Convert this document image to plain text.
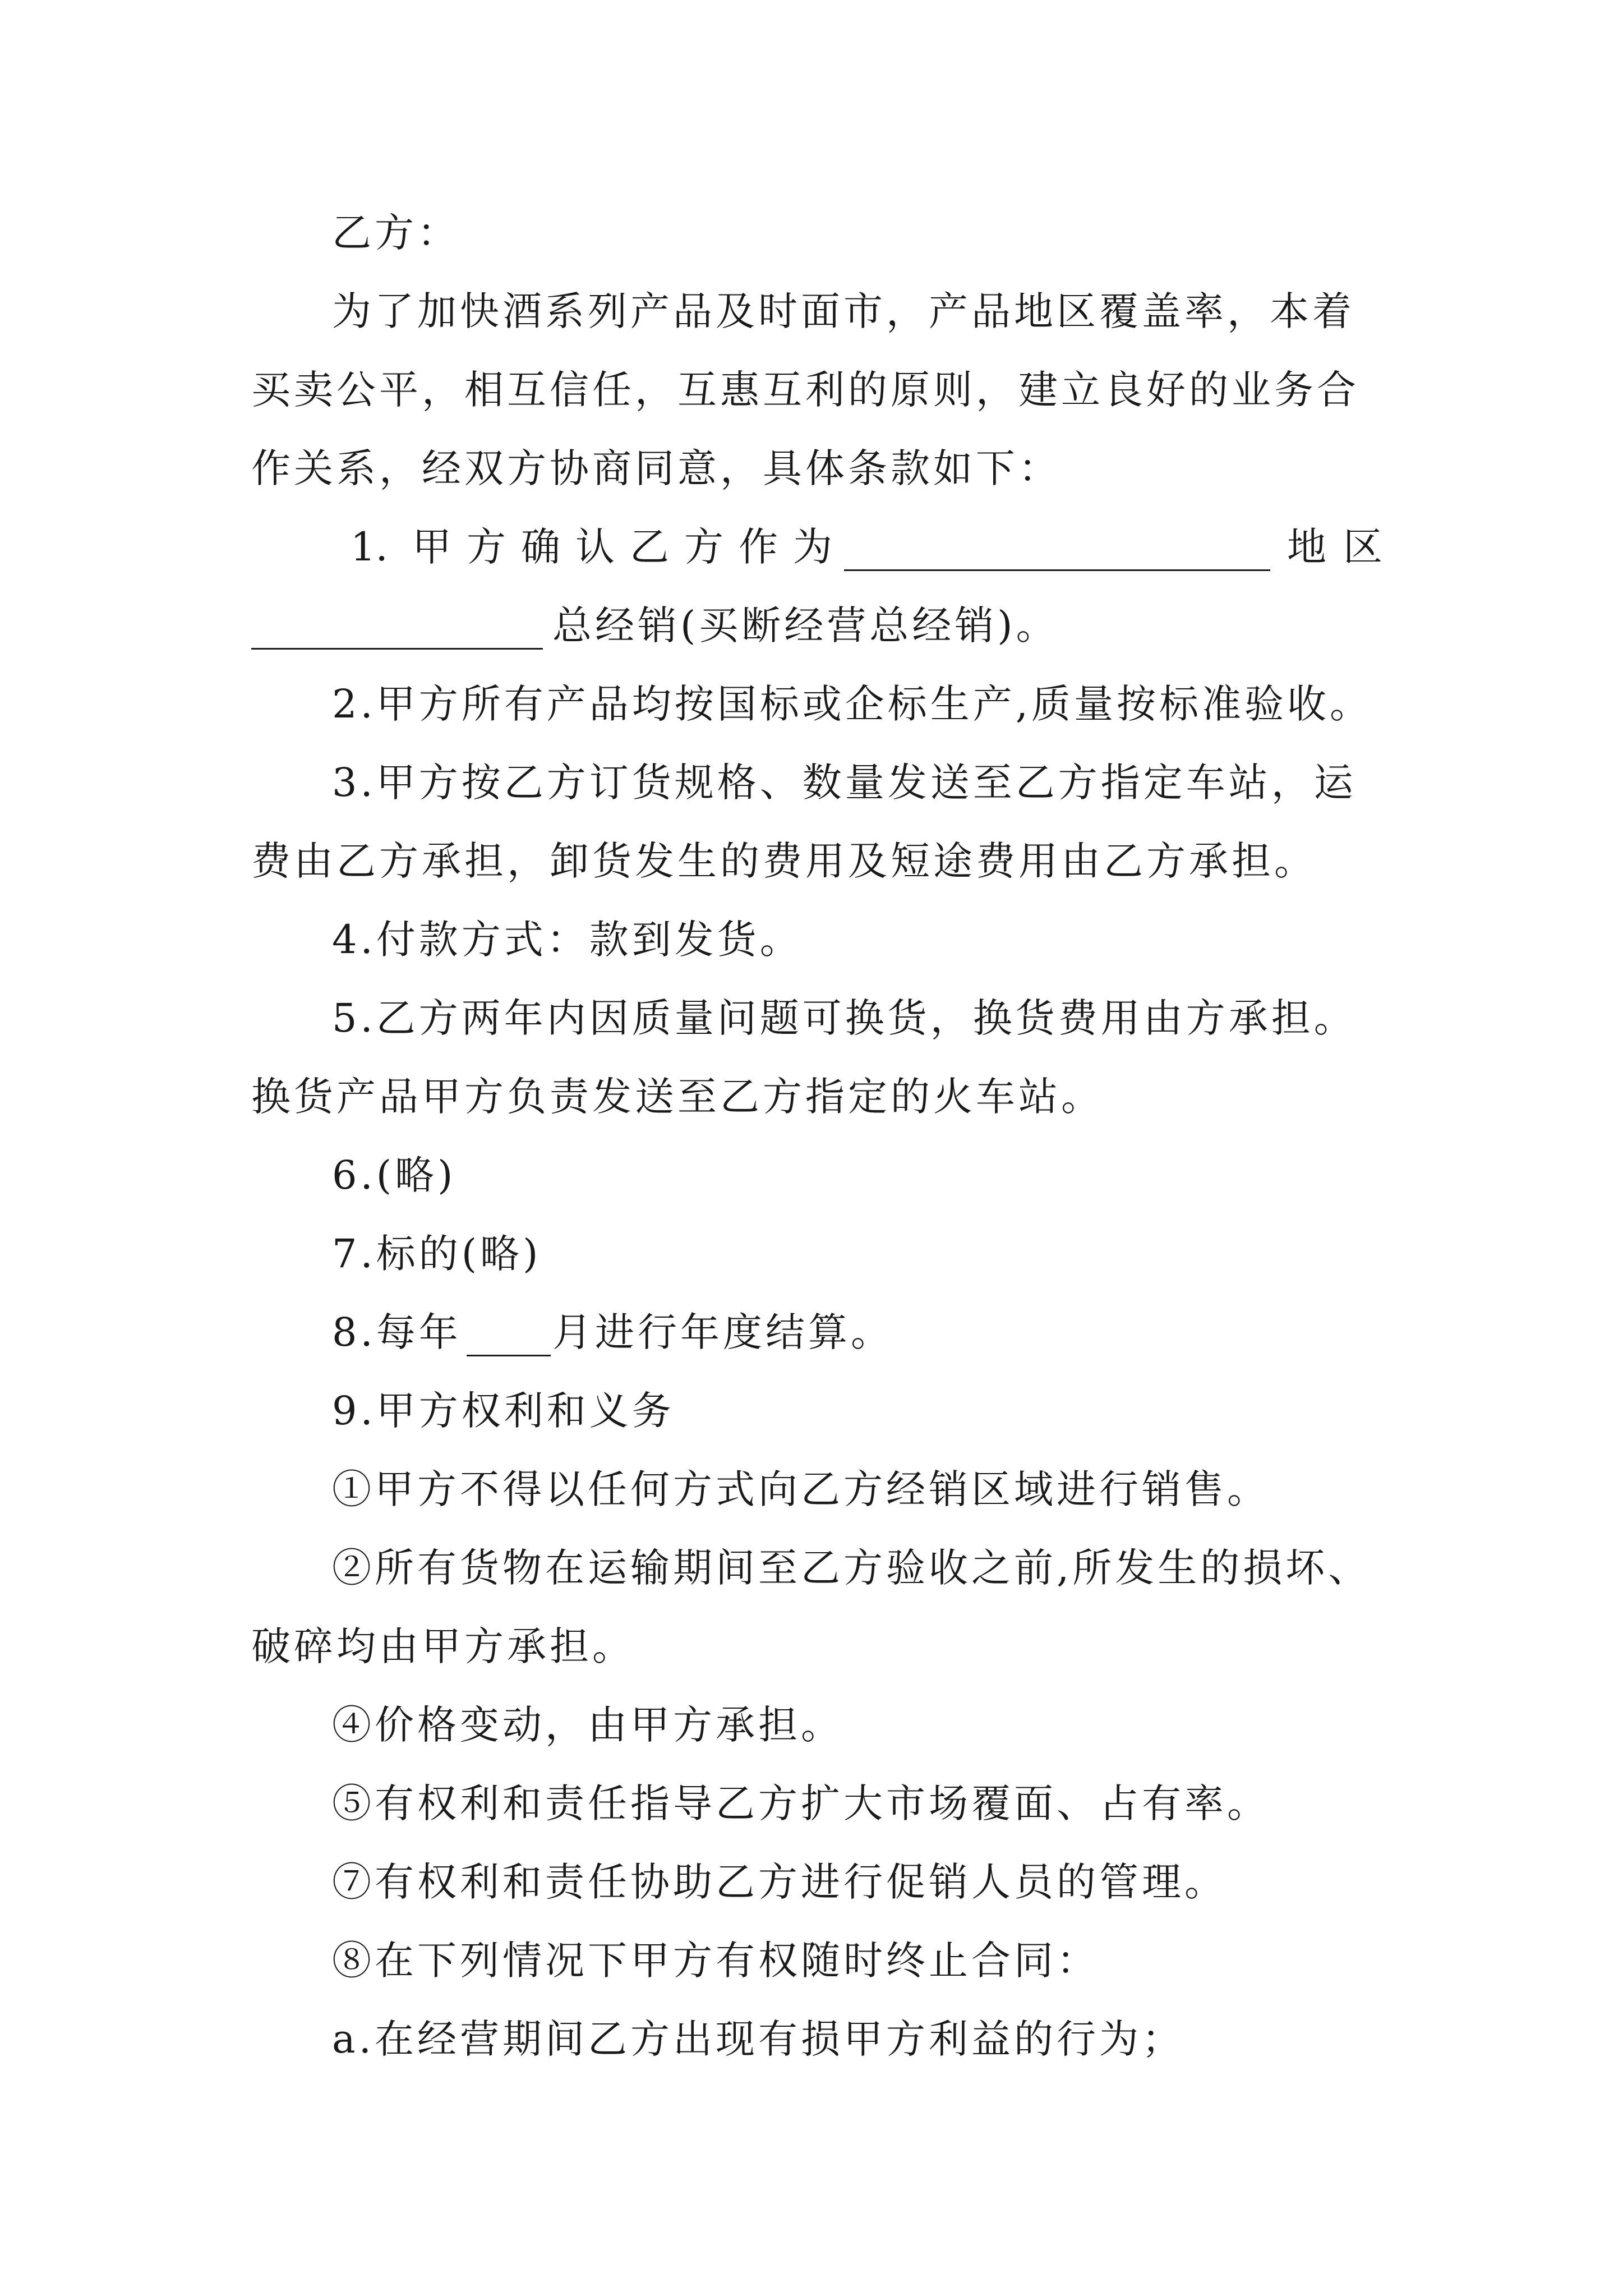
乙方：
为了加快酒系列产品及时面市，产品地区覆盖率，本着
买卖公平，相互信任，互惠互利的原则，建立良好的业务合
作关系，经双方协商同意，具体条款如下：
1. 甲 方 确 认 乙 方 作 为	地区
总经销(买断经营总经销)。
2.甲方所有产品均按国标或企标生产,质量按标准验收。
3.甲方按乙方订货规格、数量发送至乙方指定车站，运
费由乙方承担，卸货发生的费用及短途费用由乙方承担。
4.付款方式：款到发货。
5.乙方两年内因质量问题可换货，换货费用由方承担。
换货产品甲方负责发送至乙方指定的火车站。
6.(略)
7.标的(略)
8.每年 月进行年度结算。
9.甲方权利和义务
①甲方不得以任何方式向乙方经销区域进行销售。
②所有货物在运输期间至乙方验收之前,所发生的损坏、
破碎均由甲方承担。
④价格变动，由甲方承担。
⑤有权利和责任指导乙方扩大市场覆面、占有率。
⑦有权利和责任协助乙方进行促销人员的管理。
⑧在下列情况下甲方有权随时终止合同：
a.在经营期间乙方出现有损甲方利益的行为；
